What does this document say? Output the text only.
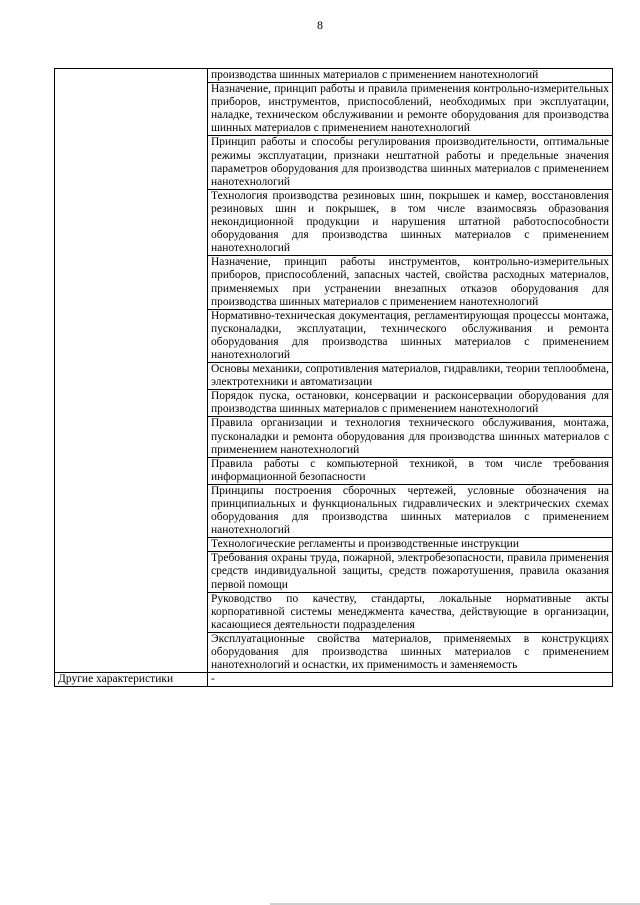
8
	производства шинных материалов с применением нанотехнологий
	Назначение, принцип работы и правила применения контрольно-измерительных приборов, инструментов, приспособлений, необходимых при эксплуатации, наладке, техническом обслуживании и ремонте оборудования для производства шинных материалов с применением нанотехнологий
	Принцип работы и способы регулирования производительности, оптимальные режимы эксплуатации, признаки нештатной работы и предельные значения параметров оборудования для производства шинных материалов с применением нанотехнологий
	Технология производства резиновых шин, покрышек и камер, восстановления резиновых шин и покрышек, в том числе взаимосвязь образования некондиционной продукции и нарушения штатной работоспособности оборудования для производства шинных материалов с применением нанотехнологий
	Назначение, принцип работы инструментов, контрольно-измерительных приборов, приспособлений, запасных частей, свойства расходных материалов, применяемых при устранении внезапных отказов оборудования для производства шинных материалов с применением нанотехнологий
	Нормативно-техническая документация, регламентирующая процессы монтажа, пусконаладки, эксплуатации, технического обслуживания и ремонта оборудования для производства шинных материалов с применением нанотехнологий
	Основы механики, сопротивления материалов, гидравлики, теории теплообмена, электротехники и автоматизации
	Порядок пуска, остановки, консервации и расконсервации оборудования для производства шинных материалов с применением нанотехнологий
	Правила организации и технология технического обслуживания, монтажа, пусконаладки и ремонта оборудования для производства шинных материалов с применением нанотехнологий
	Правила работы с компьютерной техникой, в том числе требования информационной безопасности
	Принципы построения сборочных чертежей, условные обозначения на принципиальных и функциональных гидравлических и электрических схемах оборудования для производства шинных материалов с применением нанотехнологий
	Технологические регламенты и производственные инструкции
	Требования охраны труда, пожарной, электробезопасности, правила применения средств индивидуальной защиты, средств пожаротушения, правила оказания первой помощи
	Руководство по качеству, стандарты, локальные нормативные акты корпоративной системы менеджмента качества, действующие в организации, касающиеся деятельности подразделения
	Эксплуатационные свойства материалов, применяемых в конструкциях оборудования для производства шинных материалов с применением нанотехнологий и оснастки, их применимость и заменяемость
Другие характеристики	-
